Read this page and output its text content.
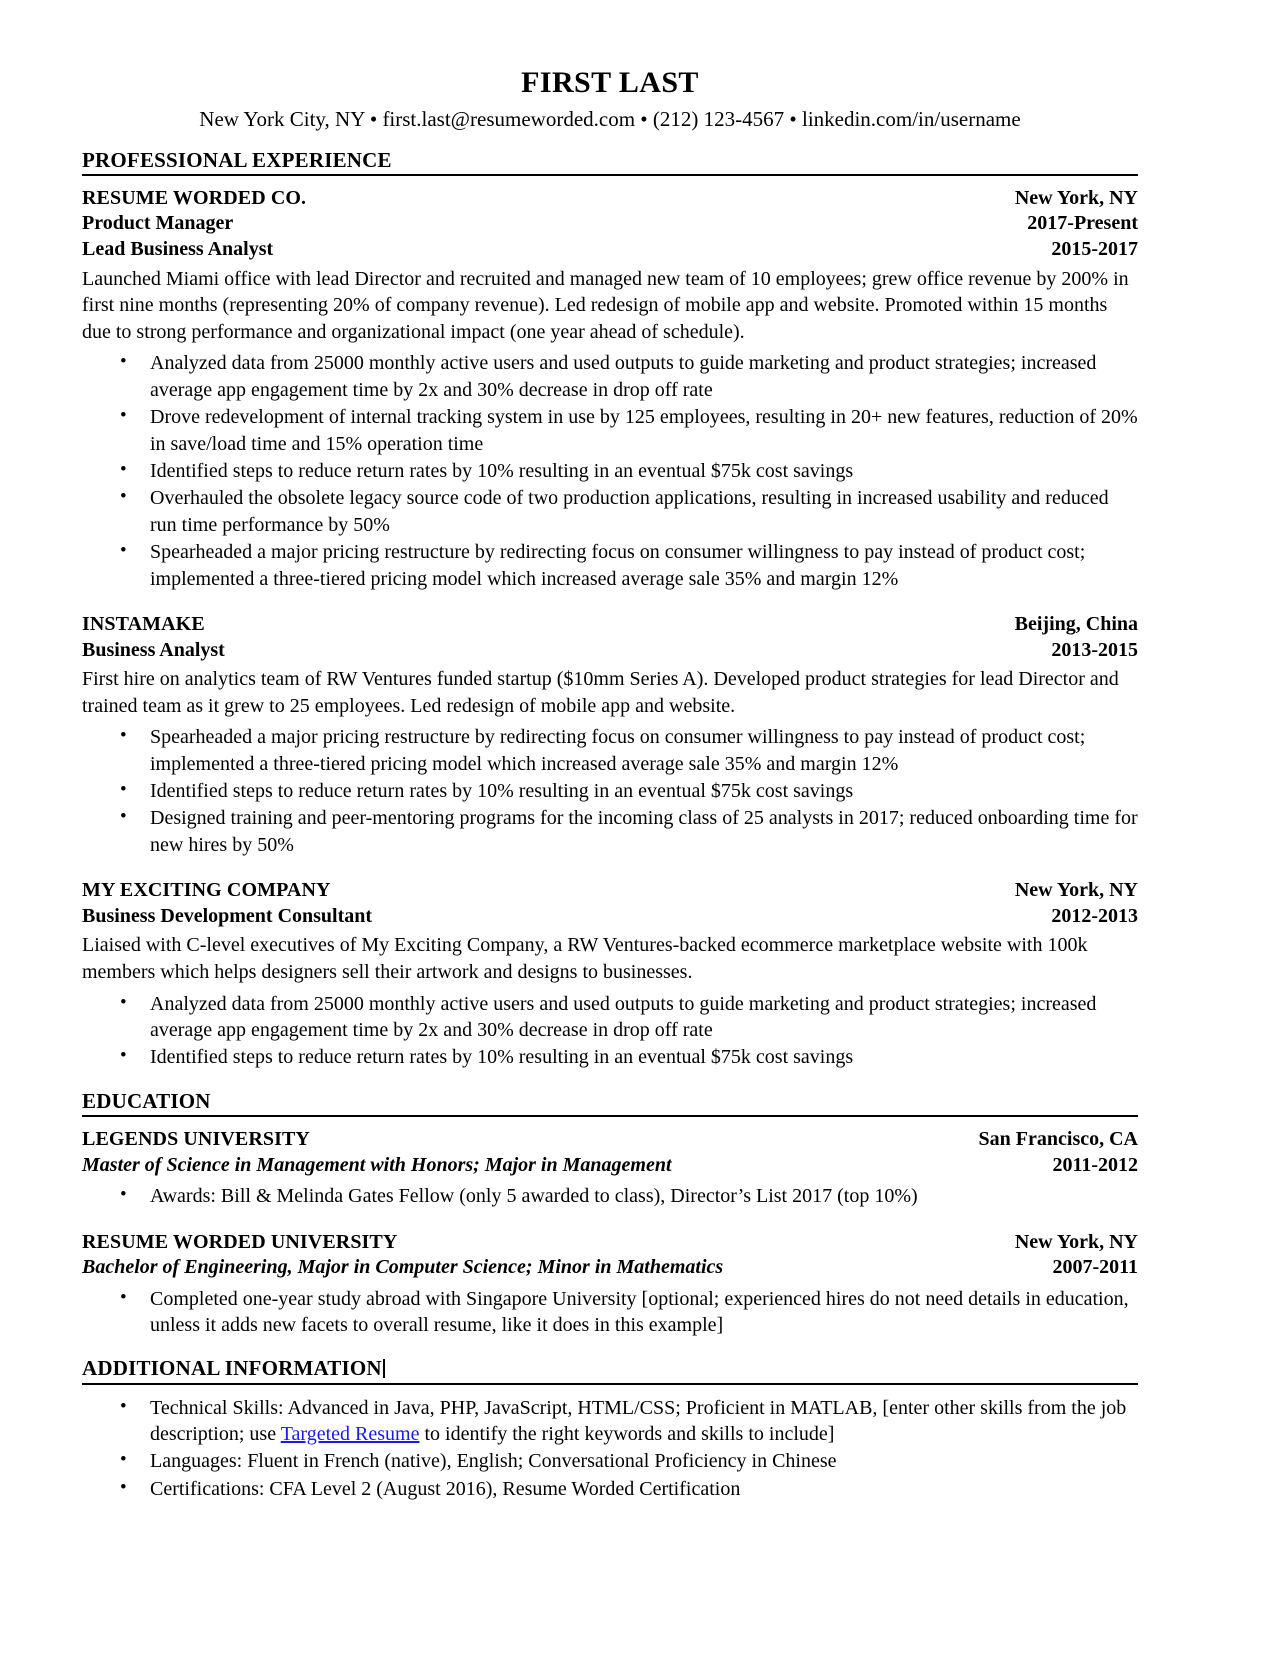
FIRST LAST
New York City, NY • first.last@resumeworded.com • (212) 123-4567 • linkedin.com/in/username
PROFESSIONAL EXPERIENCE
RESUME WORDED CO.	New York, NY
Product Manager	2017-Present
Lead Business Analyst	2015-2017

Launched Miami office with lead Director and recruited and managed new team of 10 employees; grew office revenue by 200% in first nine months (representing 20% of company revenue). Led redesign of mobile app and website. Promoted within 15 months due to strong performance and organizational impact (one year ahead of schedule).

• Analyzed data from 25000 monthly active users and used outputs to guide marketing and product strategies; increased average app engagement time by 2x and 30% decrease in drop off rate
• Drove redevelopment of internal tracking system in use by 125 employees, resulting in 20+ new features, reduction of 20% in save/load time and 15% operation time
• Identified steps to reduce return rates by 10% resulting in an eventual $75k cost savings
• Overhauled the obsolete legacy source code of two production applications, resulting in increased usability and reduced run time performance by 50%
• Spearheaded a major pricing restructure by redirecting focus on consumer willingness to pay instead of product cost; implemented a three-tiered pricing model which increased average sale 35% and margin 12%
INSTAMAKE	Beijing, China
Business Analyst	2013-2015

First hire on analytics team of RW Ventures funded startup ($10mm Series A). Developed product strategies for lead Director and trained team as it grew to 25 employees. Led redesign of mobile app and website.

• Spearheaded a major pricing restructure by redirecting focus on consumer willingness to pay instead of product cost; implemented a three-tiered pricing model which increased average sale 35% and margin 12%
• Identified steps to reduce return rates by 10% resulting in an eventual $75k cost savings
• Designed training and peer-mentoring programs for the incoming class of 25 analysts in 2017; reduced onboarding time for new hires by 50%
MY EXCITING COMPANY	New York, NY
Business Development Consultant	2012-2013

Liaised with C-level executives of My Exciting Company, a RW Ventures-backed ecommerce marketplace website with 100k members which helps designers sell their artwork and designs to businesses.

• Analyzed data from 25000 monthly active users and used outputs to guide marketing and product strategies; increased average app engagement time by 2x and 30% decrease in drop off rate
• Identified steps to reduce return rates by 10% resulting in an eventual $75k cost savings
EDUCATION
LEGENDS UNIVERSITY	San Francisco, CA
Master of Science in Management with Honors; Major in Management	2011-2012
• Awards: Bill & Melinda Gates Fellow (only 5 awarded to class), Director’s List 2017 (top 10%)
RESUME WORDED UNIVERSITY	New York, NY
Bachelor of Engineering, Major in Computer Science; Minor in Mathematics	2007-2011
• Completed one-year study abroad with Singapore University [optional; experienced hires do not need details in education, unless it adds new facets to overall resume, like it does in this example]
ADDITIONAL INFORMATION
• Technical Skills: Advanced in Java, PHP, JavaScript, HTML/CSS; Proficient in MATLAB, [enter other skills from the job description; use Targeted Resume to identify the right keywords and skills to include]
• Languages: Fluent in French (native), English; Conversational Proficiency in Chinese
• Certifications: CFA Level 2 (August 2016), Resume Worded Certification
